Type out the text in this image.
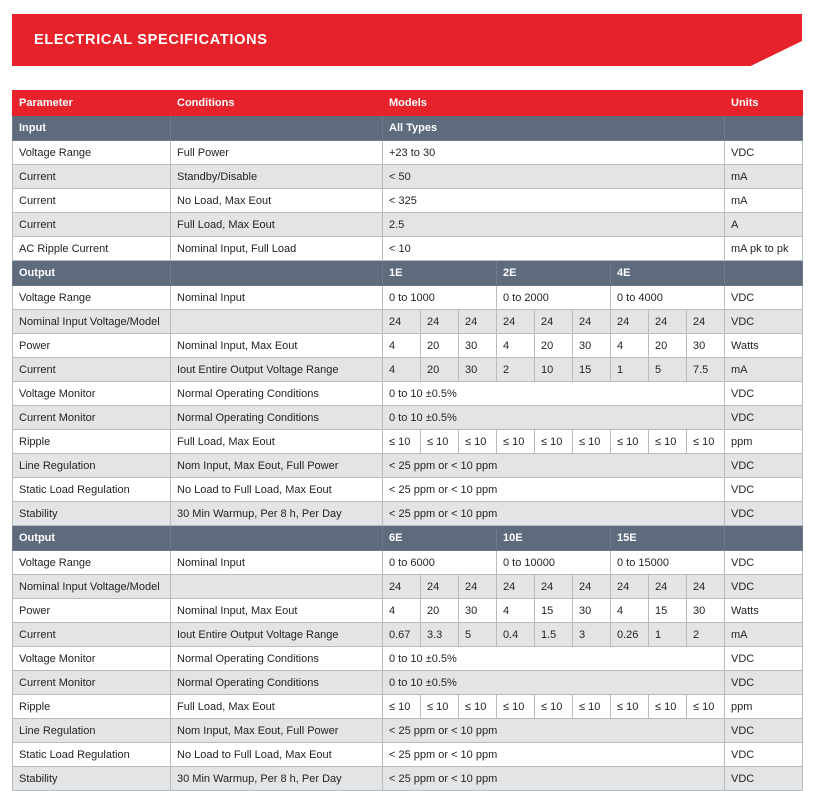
ELECTRICAL SPECIFICATIONS
Parameter	Conditions	Models									Units
Input		All Types									
Voltage Range	Full Power	+23 to 30									VDC
Current	Standby/Disable	< 50									mA
Current	No Load, Max Eout	< 325									mA
Current	Full Load, Max Eout	2.5									A
AC Ripple Current	Nominal Input, Full Load	< 10									mA pk to pk
Output		1E			2E			4E			
Voltage Range	Nominal Input	0 to 1000			0 to 2000			0 to 4000			VDC
Nominal Input Voltage/Model		24	24	24	24	24	24	24	24	24	VDC
Power	Nominal Input, Max Eout	4	20	30	4	20	30	4	20	30	Watts
Current	Iout Entire Output Voltage Range	4	20	30	2	10	15	1	5	7.5	mA
Voltage Monitor	Normal Operating Conditions	0 to 10 ±0.5%									VDC
Current Monitor	Normal Operating Conditions	0 to 10 ±0.5%									VDC
Ripple	Full Load, Max Eout	≤ 10	≤ 10	≤ 10	≤ 10	≤ 10	≤ 10	≤ 10	≤ 10	≤ 10	ppm
Line Regulation	Nom Input, Max Eout, Full Power	< 25 ppm or < 10 ppm									VDC
Static Load Regulation	No Load to Full Load, Max Eout	< 25 ppm or < 10 ppm									VDC
Stability	30 Min Warmup, Per 8 h, Per Day	< 25 ppm or < 10 ppm									VDC
Output		6E			10E			15E			
Voltage Range	Nominal Input	0 to 6000			0 to 10000			0 to 15000			VDC
Nominal Input Voltage/Model		24	24	24	24	24	24	24	24	24	VDC
Power	Nominal Input, Max Eout	4	20	30	4	15	30	4	15	30	Watts
Current	Iout Entire Output Voltage Range	0.67	3.3	5	0.4	1.5	3	0.26	1	2	mA
Voltage Monitor	Normal Operating Conditions	0 to 10 ±0.5%									VDC
Current Monitor	Normal Operating Conditions	0 to 10 ±0.5%									VDC
Ripple	Full Load, Max Eout	≤ 10	≤ 10	≤ 10	≤ 10	≤ 10	≤ 10	≤ 10	≤ 10	≤ 10	ppm
Line Regulation	Nom Input, Max Eout, Full Power	< 25 ppm or < 10 ppm									VDC
Static Load Regulation	No Load to Full Load, Max Eout	< 25 ppm or < 10 ppm									VDC
Stability	30 Min Warmup, Per 8 h, Per Day	< 25 ppm or < 10 ppm									VDC
